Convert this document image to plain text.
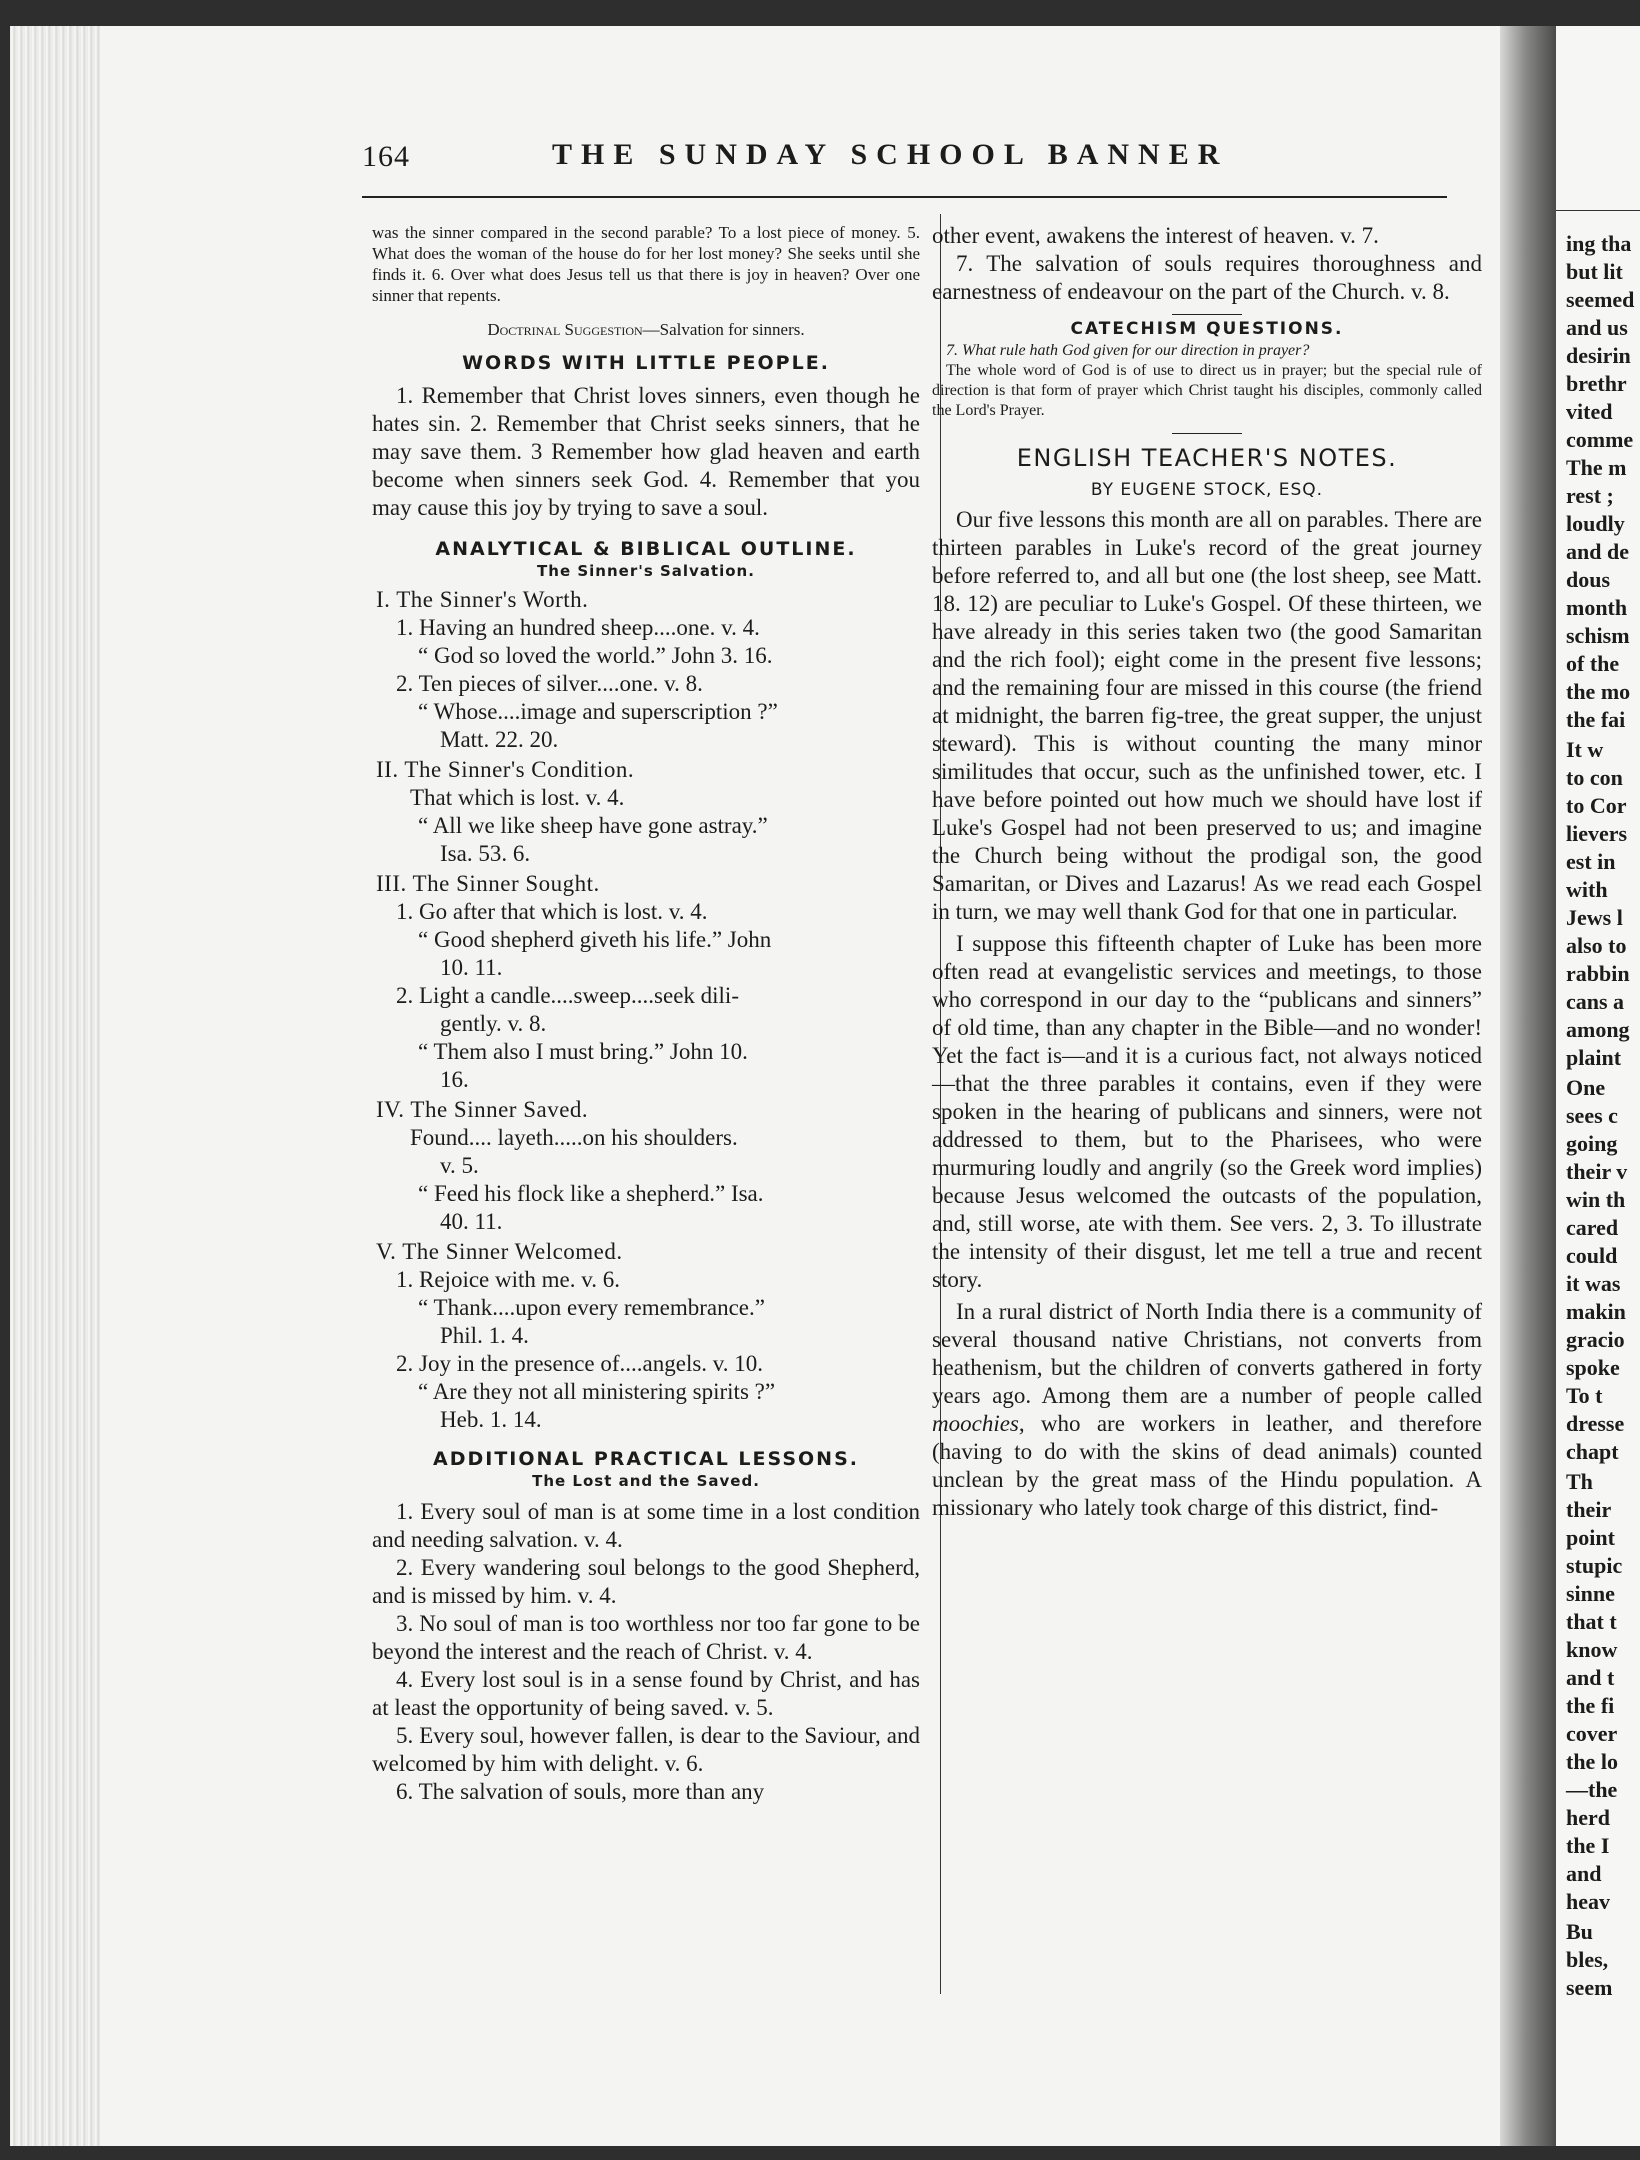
ing tha
but lit
seemed
and us
desirin
brethr
vited
comme
The m
rest ;
loudly
and de
dous
month
schism
of the
the mo
the fai
It w
to con
to Cor
lievers
est in
with
Jews l
also to
rabbin
cans a
among
plaint
One
sees c
going
their v
win th
cared
could
it was
makin
gracio
spoke
To t
dresse
chapt
Th
their
point
stupic
sinne
that t
know
and t
the fi
cover
the lo
—the
herd
the I
and
heav
Bu
bles,
seem
164	THE SUNDAY SCHOOL BANNER

was the sinner compared in the second parable? To a lost piece of money. 5. What does the woman of the house do for her lost money? She seeks until she finds it. 6. Over what does Jesus tell us that there is joy in heaven? Over one sinner that repents.

Doctrinal Suggestion—Salvation for sinners.

WORDS WITH LITTLE PEOPLE.

1. Remember that Christ loves sinners, even though he hates sin. 2. Remember that Christ seeks sinners, that he may save them. 3 Remember how glad heaven and earth become when sinners seek God. 4. Remember that you may cause this joy by trying to save a soul.

ANALYTICAL & BIBLICAL OUTLINE.
The Sinner's Salvation.
I. The Sinner's Worth.
1. Having an hundred sheep....one. v. 4.
“ God so loved the world.” John 3. 16.
2. Ten pieces of silver....one. v. 8.
“ Whose....image and superscription ?”
Matt. 22. 20.
II. The Sinner's Condition.
That which is lost. v. 4.
“ All we like sheep have gone astray.”
Isa. 53. 6.
III. The Sinner Sought.
1. Go after that which is lost. v. 4.
“ Good shepherd giveth his life.” John
10. 11.
2. Light a candle....sweep....seek dili-
gently. v. 8.
“ Them also I must bring.” John 10.
16.
IV. The Sinner Saved.
Found.... layeth.....on his shoulders.
v. 5.
“ Feed his flock like a shepherd.” Isa.
40. 11.
V. The Sinner Welcomed.
1. Rejoice with me. v. 6.
“ Thank....upon every remembrance.”
Phil. 1. 4.
2. Joy in the presence of....angels. v. 10.
“ Are they not all ministering spirits ?”
Heb. 1. 14.
ADDITIONAL PRACTICAL LESSONS.
The Lost and the Saved.

1. Every soul of man is at some time in a lost condition and needing salvation. v. 4.

2. Every wandering soul belongs to the good Shepherd, and is missed by him. v. 4.

3. No soul of man is too worthless nor too far gone to be beyond the interest and the reach of Christ. v. 4.

4. Every lost soul is in a sense found by Christ, and has at least the opportunity of being saved. v. 5.

5. Every soul, however fallen, is dear to the Saviour, and welcomed by him with delight. v. 6.

6. The salvation of souls, more than any

other event, awakens the interest of heaven. v. 7.

7. The salvation of souls requires thoroughness and earnestness of endeavour on the part of the Church. v. 8.

CATECHISM QUESTIONS.

7. What rule hath God given for our direction in prayer?

The whole word of God is of use to direct us in prayer; but the special rule of direction is that form of prayer which Christ taught his disciples, commonly called the Lord's Prayer.

ENGLISH TEACHER'S NOTES.
BY EUGENE STOCK, ESQ.

Our five lessons this month are all on parables. There are thirteen parables in Luke's record of the great journey before referred to, and all but one (the lost sheep, see Matt. 18. 12) are peculiar to Luke's Gospel. Of these thirteen, we have already in this series taken two (the good Samaritan and the rich fool); eight come in the present five lessons; and the remaining four are missed in this course (the friend at midnight, the barren fig-tree, the great supper, the unjust steward). This is without counting the many minor similitudes that occur, such as the unfinished tower, etc. I have before pointed out how much we should have lost if Luke's Gospel had not been preserved to us; and imagine the Church being without the prodigal son, the good Samaritan, or Dives and Lazarus! As we read each Gospel in turn, we may well thank God for that one in particular.

I suppose this fifteenth chapter of Luke has been more often read at evangelistic services and meetings, to those who correspond in our day to the “publicans and sinners” of old time, than any chapter in the Bible—and no wonder! Yet the fact is—and it is a curious fact, not always noticed—that the three parables it contains, even if they were spoken in the hearing of publicans and sinners, were not addressed to them, but to the Pharisees, who were murmuring loudly and angrily (so the Greek word implies) because Jesus welcomed the outcasts of the population, and, still worse, ate with them. See vers. 2, 3. To illustrate the intensity of their disgust, let me tell a true and recent story.

In a rural district of North India there is a community of several thousand native Christians, not converts from heathenism, but the children of converts gathered in forty years ago. Among them are a number of people called moochies, who are workers in leather, and therefore (having to do with the skins of dead animals) counted unclean by the great mass of the Hindu population. A missionary who lately took charge of this district, find-
